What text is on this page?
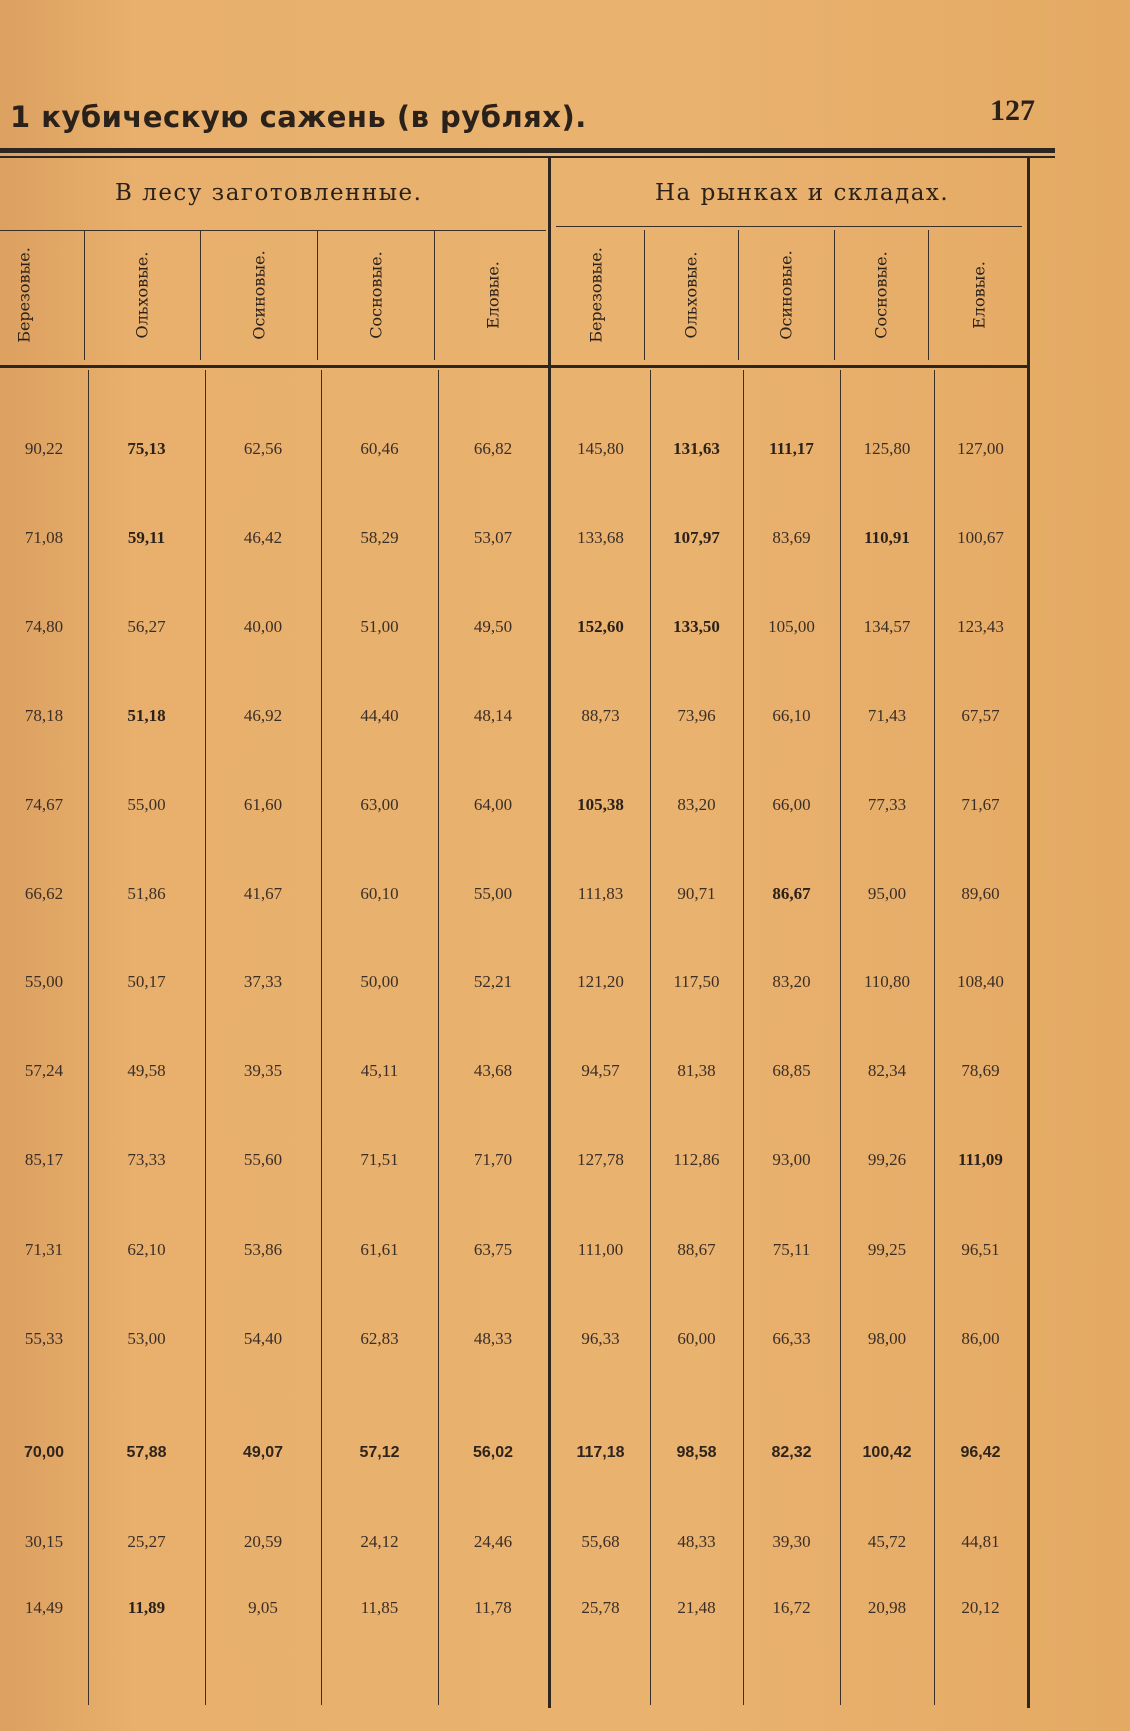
1 кубическую сажень (в рублях).	127
В лесу заготовленные.	На рынках и складах.
Березовые.	Ольховые.	Осиновые.	Сосновые.	Еловые.	Березовые.	Ольховые.	Осиновые.	Сосновые.	Еловые.
90,22	75,13	62,56	60,46	66,82	145,80	131,63	111,17	125,80	127,00
71,08	59,11	46,42	58,29	53,07	133,68	107,97	83,69	110,91	100,67
74,80	56,27	40,00	51,00	49,50	152,60	133,50	105,00	134,57	123,43
78,18	51,18	46,92	44,40	48,14	88,73	73,96	66,10	71,43	67,57
74,67	55,00	61,60	63,00	64,00	105,38	83,20	66,00	77,33	71,67
66,62	51,86	41,67	60,10	55,00	111,83	90,71	86,67	95,00	89,60
55,00	50,17	37,33	50,00	52,21	121,20	117,50	83,20	110,80	108,40
57,24	49,58	39,35	45,11	43,68	94,57	81,38	68,85	82,34	78,69
85,17	73,33	55,60	71,51	71,70	127,78	112,86	93,00	99,26	111,09
71,31	62,10	53,86	61,61	63,75	111,00	88,67	75,11	99,25	96,51
55,33	53,00	54,40	62,83	48,33	96,33	60,00	66,33	98,00	86,00
70,00	57,88	49,07	57,12	56,02	117,18	98,58	82,32	100,42	96,42
30,15	25,27	20,59	24,12	24,46	55,68	48,33	39,30	45,72	44,81
14,49	11,89	9,05	11,85	11,78	25,78	21,48	16,72	20,98	20,12
